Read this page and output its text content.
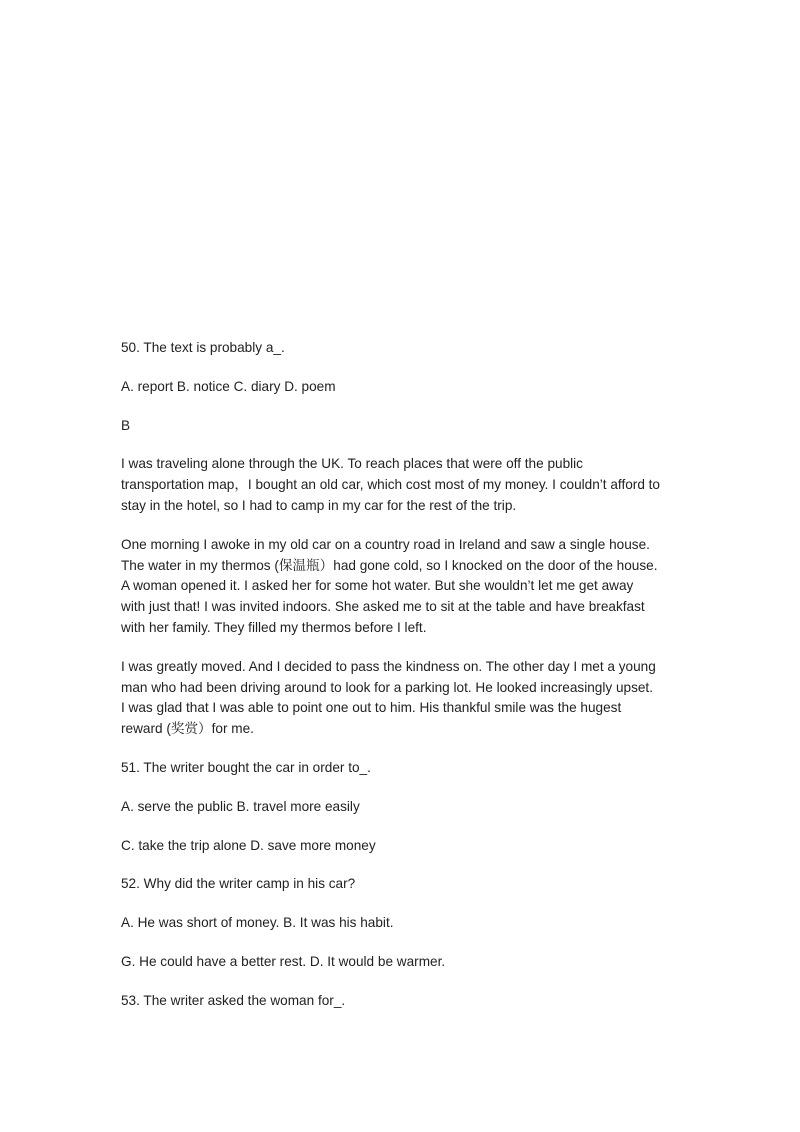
50. The text is probably a_.

A. report B. notice C. diary D. poem

B

I was traveling alone through the UK. To reach places that were off the public
transportation map，I bought an old car, which cost most of my money. I couldn’t afford to
stay in the hotel, so I had to camp in my car for the rest of the trip.

One morning I awoke in my old car on a country road in Ireland and saw a single house.
The water in my thermos (保温瓶）had gone cold, so I knocked on the door of the house.
A woman opened it. I asked her for some hot water. But she wouldn’t let me get away
with just that! I was invited indoors. She asked me to sit at the table and have breakfast
with her family. They filled my thermos before I left.

I was greatly moved. And I decided to pass the kindness on. The other day I met a young
man who had been driving around to look for a parking lot. He looked increasingly upset.
I was glad that I was able to point one out to him. His thankful smile was the hugest
reward (奖赏）for me.

51. The writer bought the car in order to_.

A. serve the public B. travel more easily

C. take the trip alone D. save more money

52. Why did the writer camp in his car?

A. He was short of money. B. It was his habit.

G. He could have a better rest. D. It would be warmer.

53. The writer asked the woman for_.
